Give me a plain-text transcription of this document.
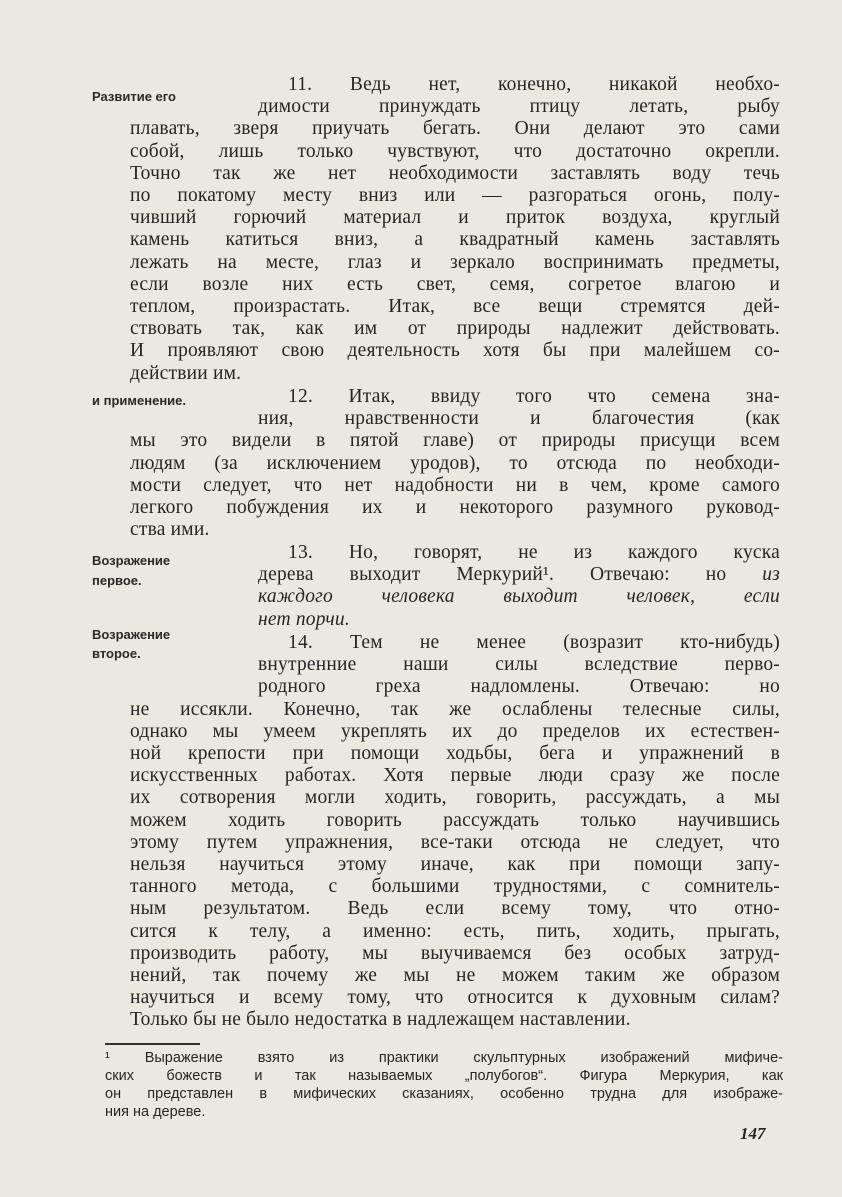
11. Ведь нет, конечно, никакой необхо-
димости принуждать птицу летать, рыбу
плавать, зверя приучать бегать. Они делают это сами
собой, лишь только чувствуют, что достаточно окрепли.
Точно так же нет необходимости заставлять воду течь
по покатому месту вниз или — разгораться огонь, полу-
чивший горючий материал и приток воздуха, круглый
камень катиться вниз, а квадратный камень заставлять
лежать на месте, глаз и зеркало воспринимать предметы,
если возле них есть свет, семя, согретое влагою и
теплом, произрастать. Итак, все вещи стремятся дей-
ствовать так, как им от природы надлежит действовать.
И проявляют свою деятельность хотя бы при малейшем со-
действии им.
12. Итак, ввиду того что семена зна-
ния, нравственности и благочестия (как
мы это видели в пятой главе) от природы присущи всем
людям (за исключением уродов), то отсюда по необходи-
мости следует, что нет надобности ни в чем, кроме самого
легкого побуждения их и некоторого разумного руковод-
ства ими.
13. Но, говорят, не из каждого куска
дерева выходит Меркурий¹. Отвечаю: но из
каждого человека выходит человек, если
нет порчи.
14. Тем не менее (возразит кто-нибудь)
внутренние наши силы вследствие перво-
родного греха надломлены. Отвечаю: но
не иссякли. Конечно, так же ослаблены телесные силы,
однако мы умеем укреплять их до пределов их естествен-
ной крепости при помощи ходьбы, бега и упражнений в
искусственных работах. Хотя первые люди сразу же после
их сотворения могли ходить, говорить, рассуждать, а мы
можем ходить говорить рассуждать только научившись
этому путем упражнения, все-таки отсюда не следует, что
нельзя научиться этому иначе, как при помощи запу-
танного метода, с большими трудностями, с сомнитель-
ным результатом. Ведь если всему тому, что отно-
сится к телу, а именно: есть, пить, ходить, прыгать,
производить работу, мы выучиваемся без особых затруд-
нений, так почему же мы не можем таким же образом
научиться и всему тому, что относится к духовным силам?
Только бы не было недостатка в надлежащем наставлении.
Развитие его
и применение.
Возражение
первое.
Возражение
второе.
¹ Выражение взято из практики скульптурных изображений мифиче-
ских божеств и так называемых „полубогов“. Фигура Меркурия, как
он представлен в мифических сказаниях, особенно трудна для изображе-
ния на дереве.
147
